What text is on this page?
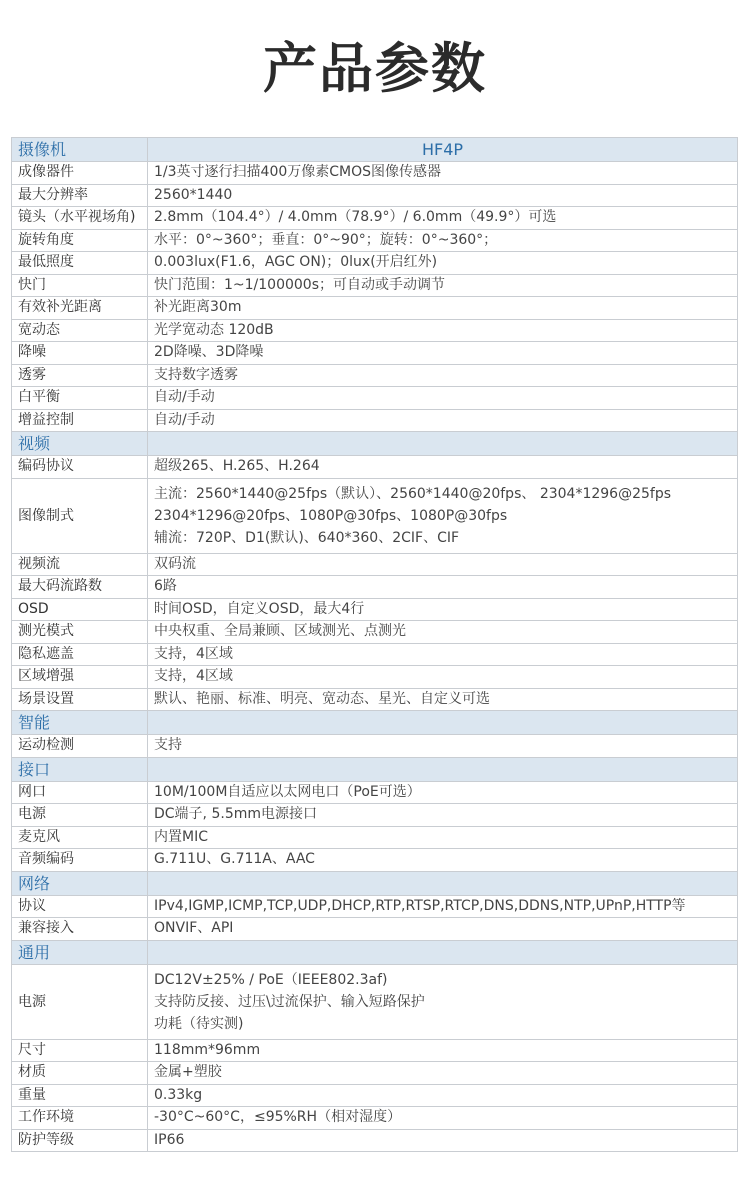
产品参数
摄像机	HF4P
成像器件	1/3英寸逐行扫描400万像素CMOS图像传感器

最大分辨率	2560*1440

镜头（水平视场角)	2.8mm（104.4°）/ 4.0mm（78.9°）/ 6.0mm（49.9°）可选

旋转角度	水平：0°~360°；垂直：0°~90°；旋转：0°~360°；

最低照度	0.003lux(F1.6，AGC ON)；0lux(开启红外)

快门	快门范围：1~1/100000s；可自动或手动调节

有效补光距离	补光距离30m

宽动态	光学宽动态 120dB

降噪	2D降噪、3D降噪

透雾	支持数字透雾

白平衡	自动/手动

增益控制	自动/手动

视频	
编码协议	超级265、H.265、H.264

图像制式	主流：2560*1440@25fps（默认）、2560*1440@20fps、 2304*1296@25fps
2304*1296@20fps、1080P@30fps、1080P@30fps
辅流：720P、D1(默认)、640*360、2CIF、CIF

视频流	双码流

最大码流路数	6路

OSD	时间OSD，自定义OSD，最大4行

测光模式	中央权重、全局兼顾、区域测光、点测光

隐私遮盖	支持，4区域

区域增强	支持，4区域

场景设置	默认、艳丽、标准、明亮、宽动态、星光、自定义可选

智能	
运动检测	支持

接口	
网口	10M/100M自适应以太网电口（PoE可选）

电源	DC端子, 5.5mm电源接口

麦克风	内置MIC

音频编码	G.711U、G.711A、AAC

网络	
协议	IPv4,IGMP,ICMP,TCP,UDP,DHCP,RTP,RTSP,RTCP,DNS,DDNS,NTP,UPnP,HTTP等

兼容接入	ONVIF、API

通用	
电源	DC12V±25% / PoE（IEEE802.3af)
支持防反接、过压\过流保护、输入短路保护
功耗（待实测)

尺寸	118mm*96mm

材质	金属+塑胶

重量	0.33kg

工作环境	-30°C~60°C，≤95%RH（相对湿度）

防护等级	IP66
